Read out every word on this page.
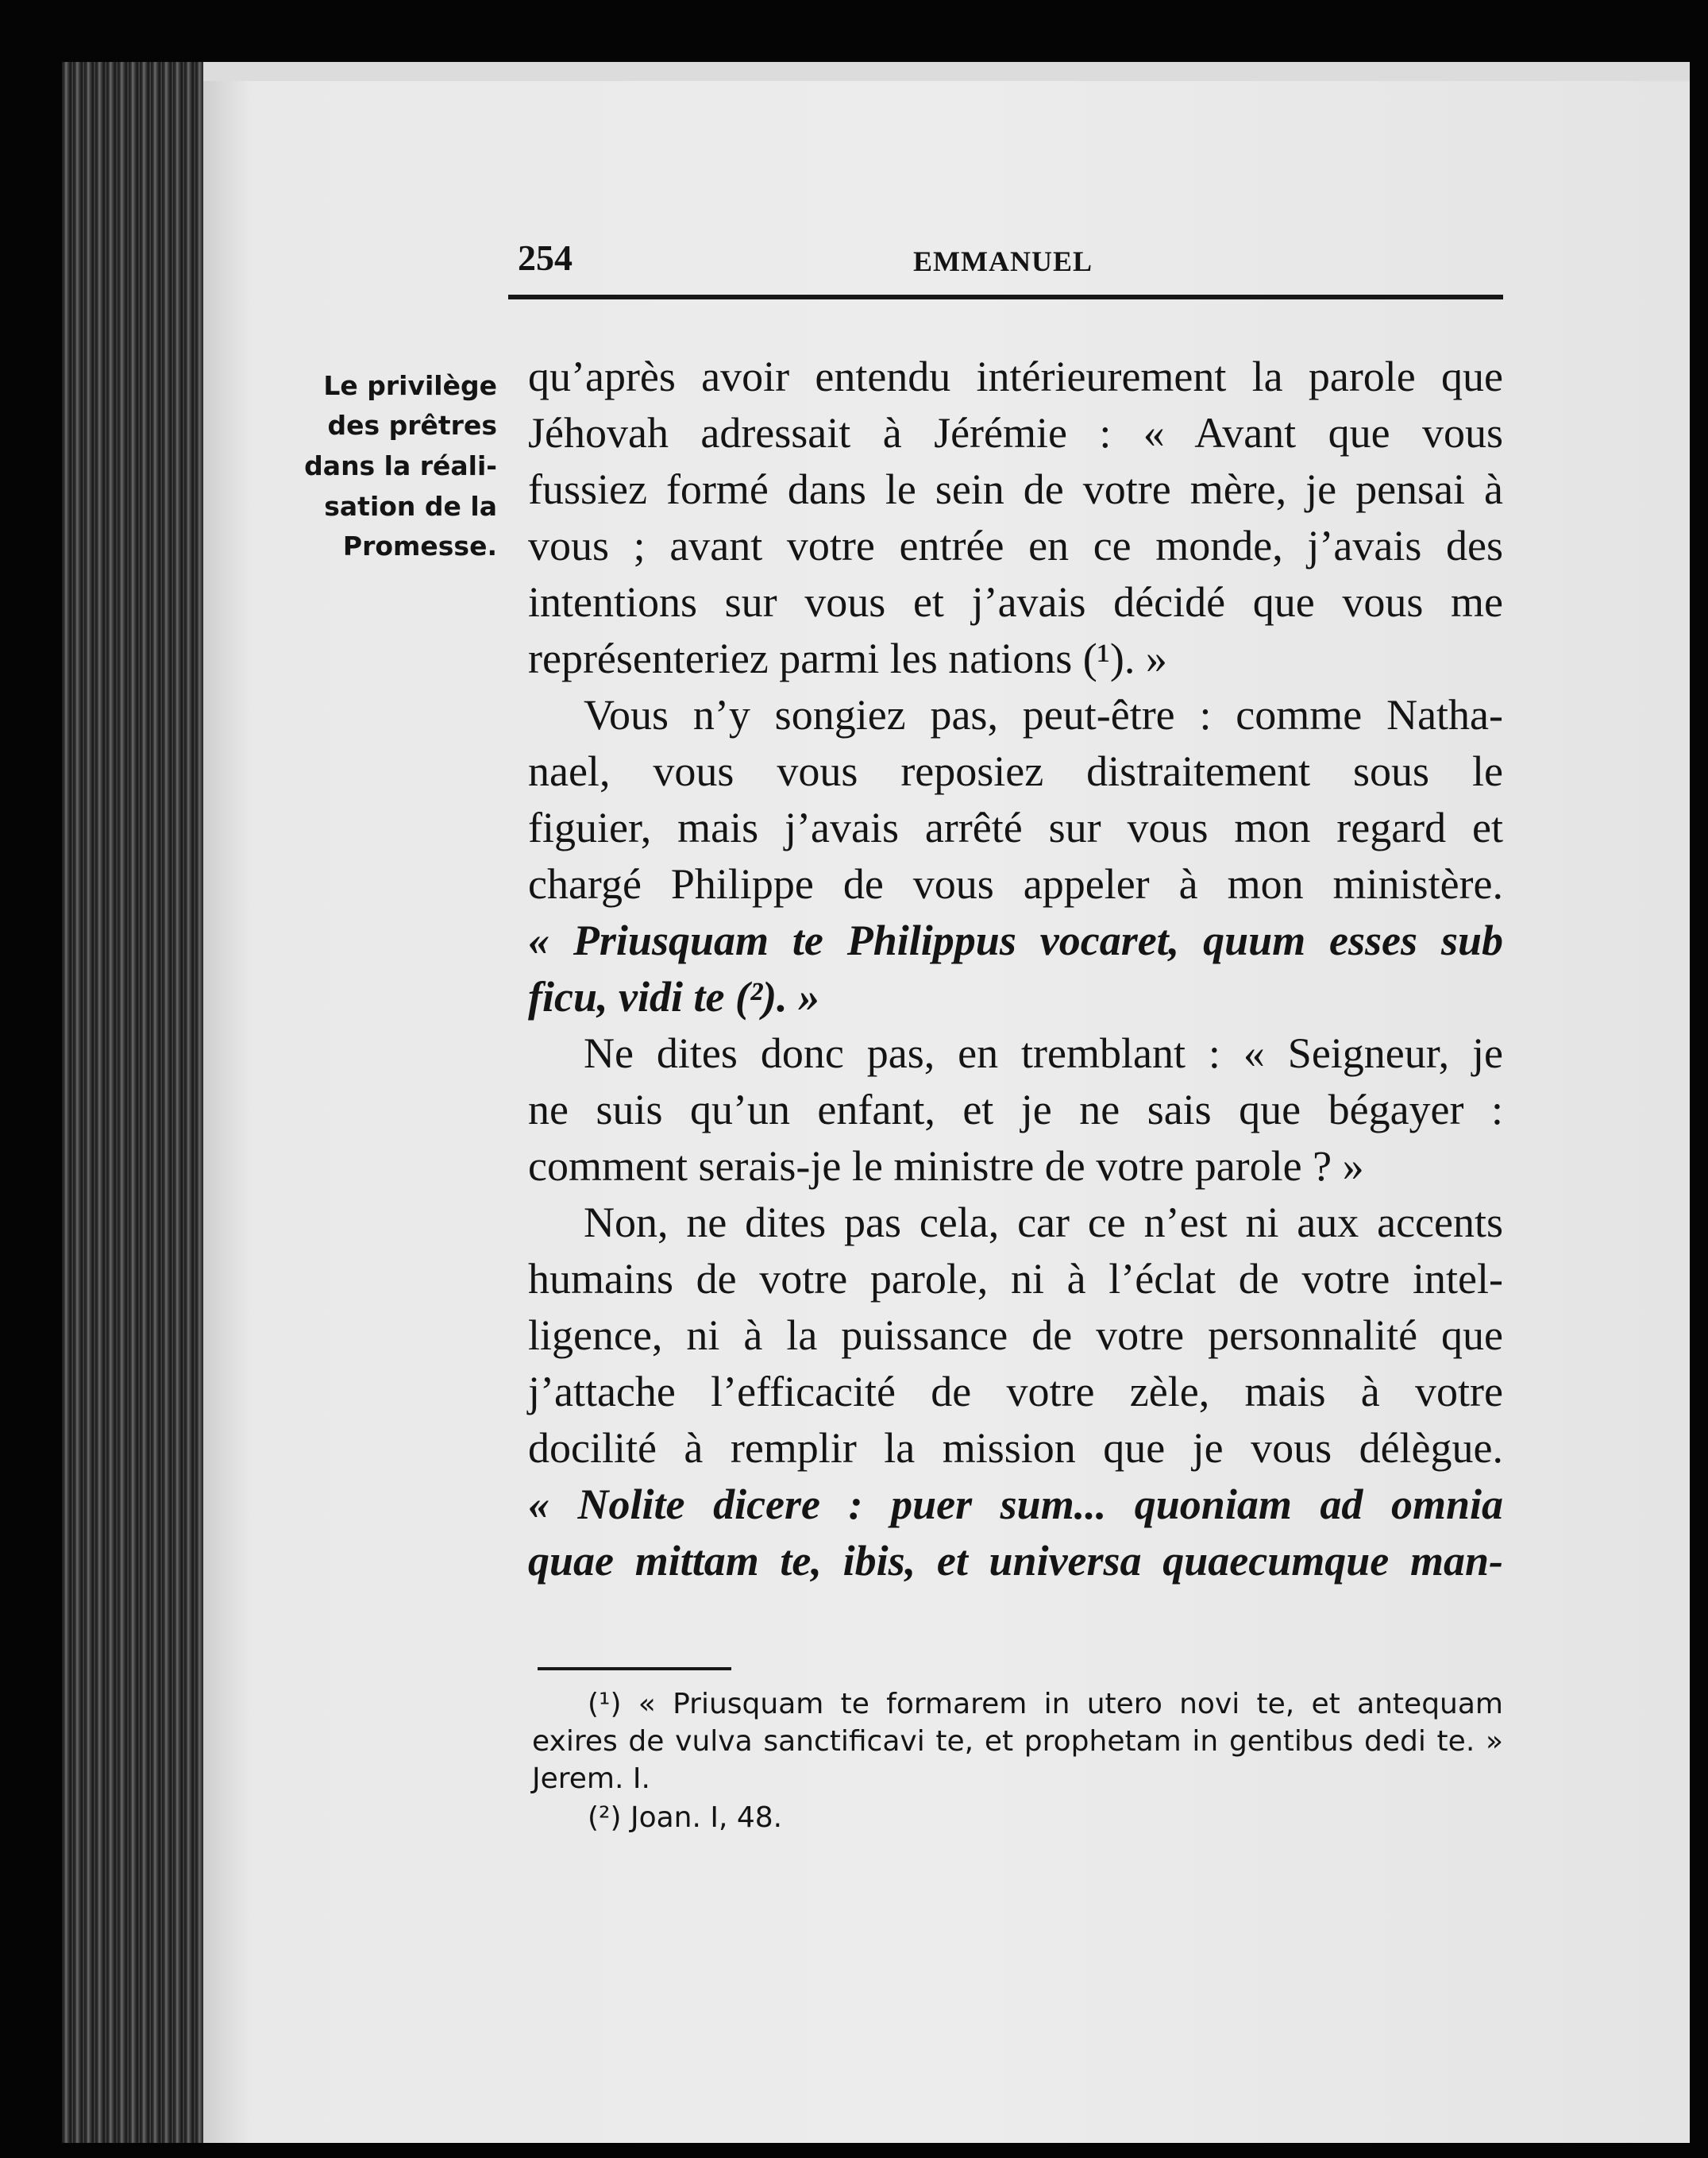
254	EMMANUEL
Le privilège
des prêtres
dans la réali-
sation de la
Promesse.
qu’après avoir entendu intérieurement la parole que
Jéhovah adressait à Jérémie : « Avant que vous
fussiez formé dans le sein de votre mère, je pensai à
vous ; avant votre entrée en ce monde, j’avais des
intentions sur vous et j’avais décidé que vous me
représenteriez parmi les nations (¹). »
Vous n’y songiez pas, peut-être : comme Natha-
nael, vous vous reposiez distraitement sous le
figuier, mais j’avais arrêté sur vous mon regard et
chargé Philippe de vous appeler à mon ministère.
« Priusquam te Philippus vocaret, quum esses sub
ficu, vidi te (²). »
Ne dites donc pas, en tremblant : « Seigneur, je
ne suis qu’un enfant, et je ne sais que bégayer :
comment serais-je le ministre de votre parole ? »
Non, ne dites pas cela, car ce n’est ni aux accents
humains de votre parole, ni à l’éclat de votre intel-
ligence, ni à la puissance de votre personnalité que
j’attache l’efficacité de votre zèle, mais à votre
docilité à remplir la mission que je vous délègue.
« Nolite dicere : puer sum... quoniam ad omnia
quae mittam te, ibis, et universa quaecumque man-
(¹) « Priusquam te formarem in utero novi te, et antequam
exires de vulva sanctificavi te, et prophetam in gentibus dedi te. »
Jerem. I.
(²) Joan. I, 48.
